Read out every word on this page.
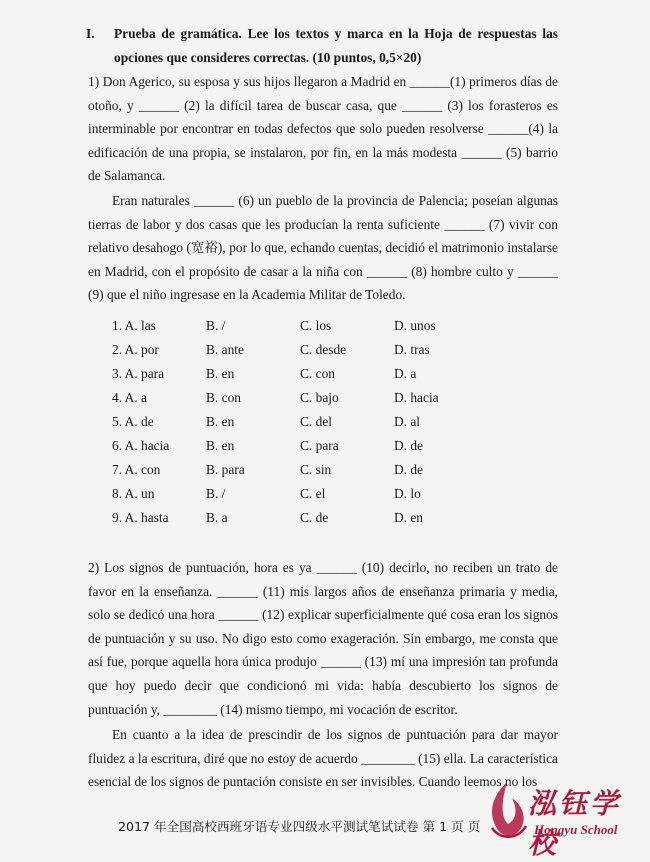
I.	Prueba de gramática. Lee los textos y marca en la Hoja de respuestas las opciones que consideres correctas. (10 puntos, 0,5×20)
1) Don Agerico, su esposa y sus hijos llegaron a Madrid en ______(1) primeros días de otoño, y ______ (2) la difícil tarea de buscar casa, que ______ (3) los forasteros es interminable por encontrar en todas defectos que solo pueden resolverse ______(4) la edificación de una propia, se instalaron, por fin, en la más modesta ______ (5) barrio de Salamanca.
Eran naturales ______ (6) un pueblo de la provincia de Palencia; poseían algunas tierras de labor y dos casas que les producían la renta suficiente ______ (7) vivir con relativo desahogo (宽裕), por lo que, echando cuentas, decidió el matrimonio instalarse en Madrid, con el propósito de casar a la niña con ______ (8) hombre culto y ______ (9) que el niño ingresase en la Academia Militar de Toledo.
1. A. las	B. /	C. los	D. unos
2. A. por	B. ante	C. desde	D. tras
3. A. para	B. en	C. con	D. a
4. A. a	B. con	C. bajo	D. hacia
5. A. de	B. en	C. del	D. al
6. A. hacia	B. en	C. para	D. de
7. A. con	B. para	C. sin	D. de
8. A. un	B. /	C. el	D. lo
9. A. hasta	B. a	C. de	D. en
2) Los signos de puntuación, hora es ya ______ (10) decirlo, no reciben un trato de favor en la enseñanza. ______ (11) mis largos años de enseñanza primaria y media, solo se dedicó una hora ______ (12) explicar superficialmente qué cosa eran los signos de puntuación y su uso. No digo esto como exageración. Sin embargo, me consta que así fue, porque aquella hora única produjo ______ (13) mí una impresión tan profunda que hoy puedo decir que condicionó mi vida: había descubierto los signos de puntuación y, ________ (14) mismo tiempo, mi vocación de escritor.
En cuanto a la idea de prescindir de los signos de puntuación para dar mayor fluidez a la escritura, diré que no estoy de acuerdo ________ (15) ella. La característica esencial de los signos de puntación consiste en ser invisibles. Cuando leemos no los
2017 年全国高校西班牙语专业四级水平测试笔试试卷 第 1 页 页
泓钰学校
Hongyu School
